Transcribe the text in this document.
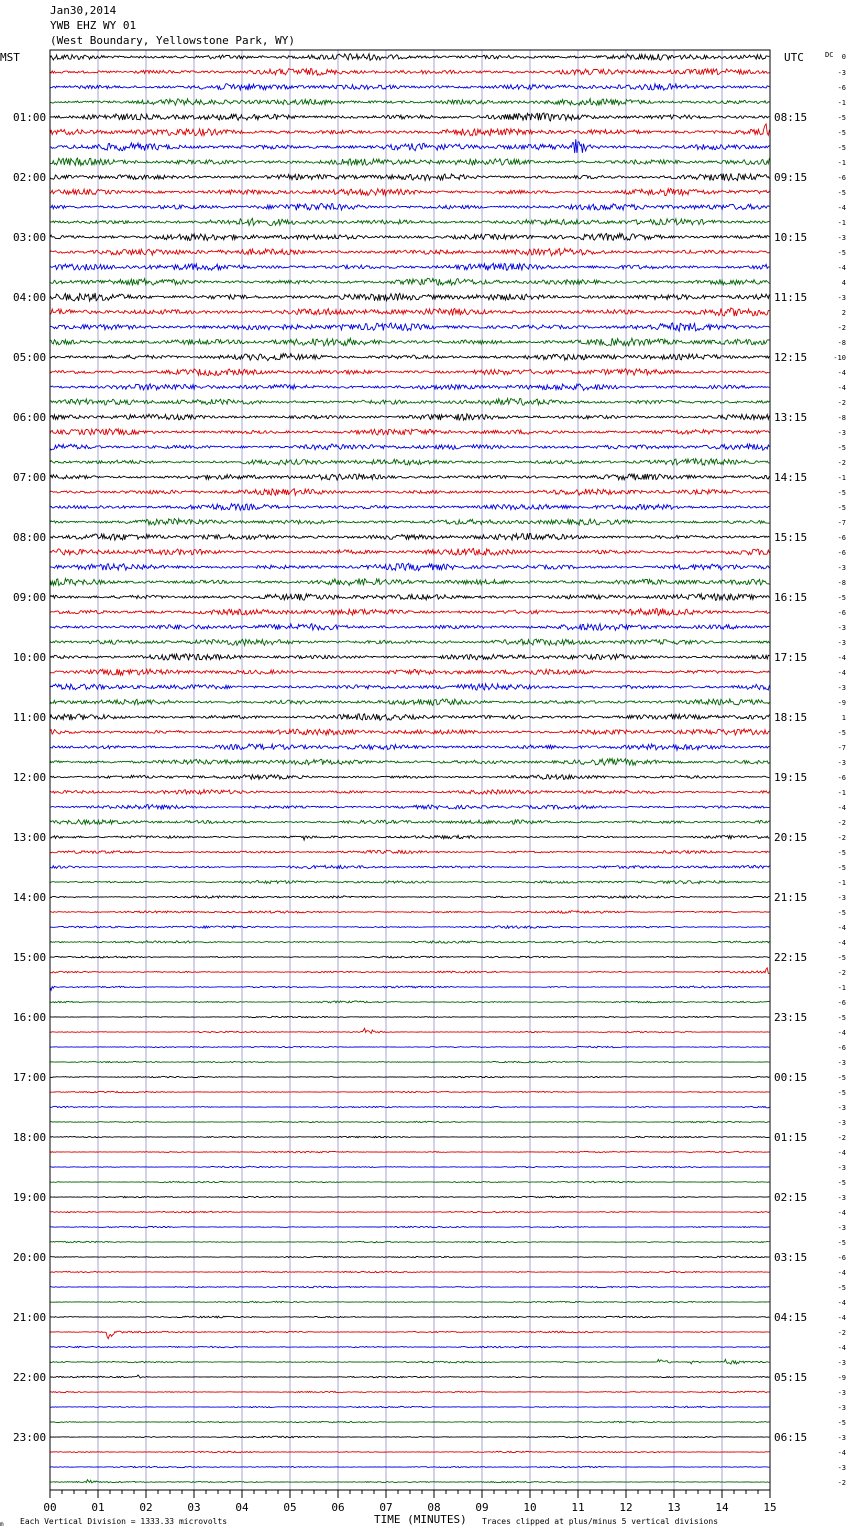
Jan30,2014
YWB EHZ WY 01
(West Boundary, Yellowstone Park, WY)
00	01	02	03	04	05	06	07	08	09	10	11	12	13	14	15
01:00
02:00
03:00
04:00
05:00
06:00
07:00
08:00
09:00
10:00
11:00
12:00
13:00
14:00
15:00
16:00
17:00
18:00
19:00
20:00
21:00
22:00
23:00
08:15
09:15
10:15
11:15
12:15
13:15
14:15
15:15
16:15
17:15
18:15
19:15
20:15
21:15
22:15
23:15
00:15
01:15
02:15
03:15
04:15
05:15
06:15
0
-3
-6
-1
-5
-5
-5
-1
-6
-5
-4
-1
-3
-5
-4
4
-3
2
-2
-8
-10
-4
-4
-2
-8
-3
-5
-2
-1
-5
-5
-7
-6
-6
-3
-8
-5
-6
-3
-3
-4
-4
-3
-9
1
-5
-7
-3
-6
-1
-4
-2
-2
-5
-5
-1
-3
-5
-4
-4
-5
-2
-1
-6
-5
-4
-6
-3
-5
-5
-3
-3
-2
-4
-3
-5
-3
-4
-3
-5
-6
-4
-5
-4
-4
-2
-4
-3
-9
-3
-3
-5
-3
-4
-3
-2
MST	UTC	DC
m Each Vertical Division = 1333.33 microvolts	TIME (MINUTES) Traces clipped at plus/minus 5 vertical divisions
